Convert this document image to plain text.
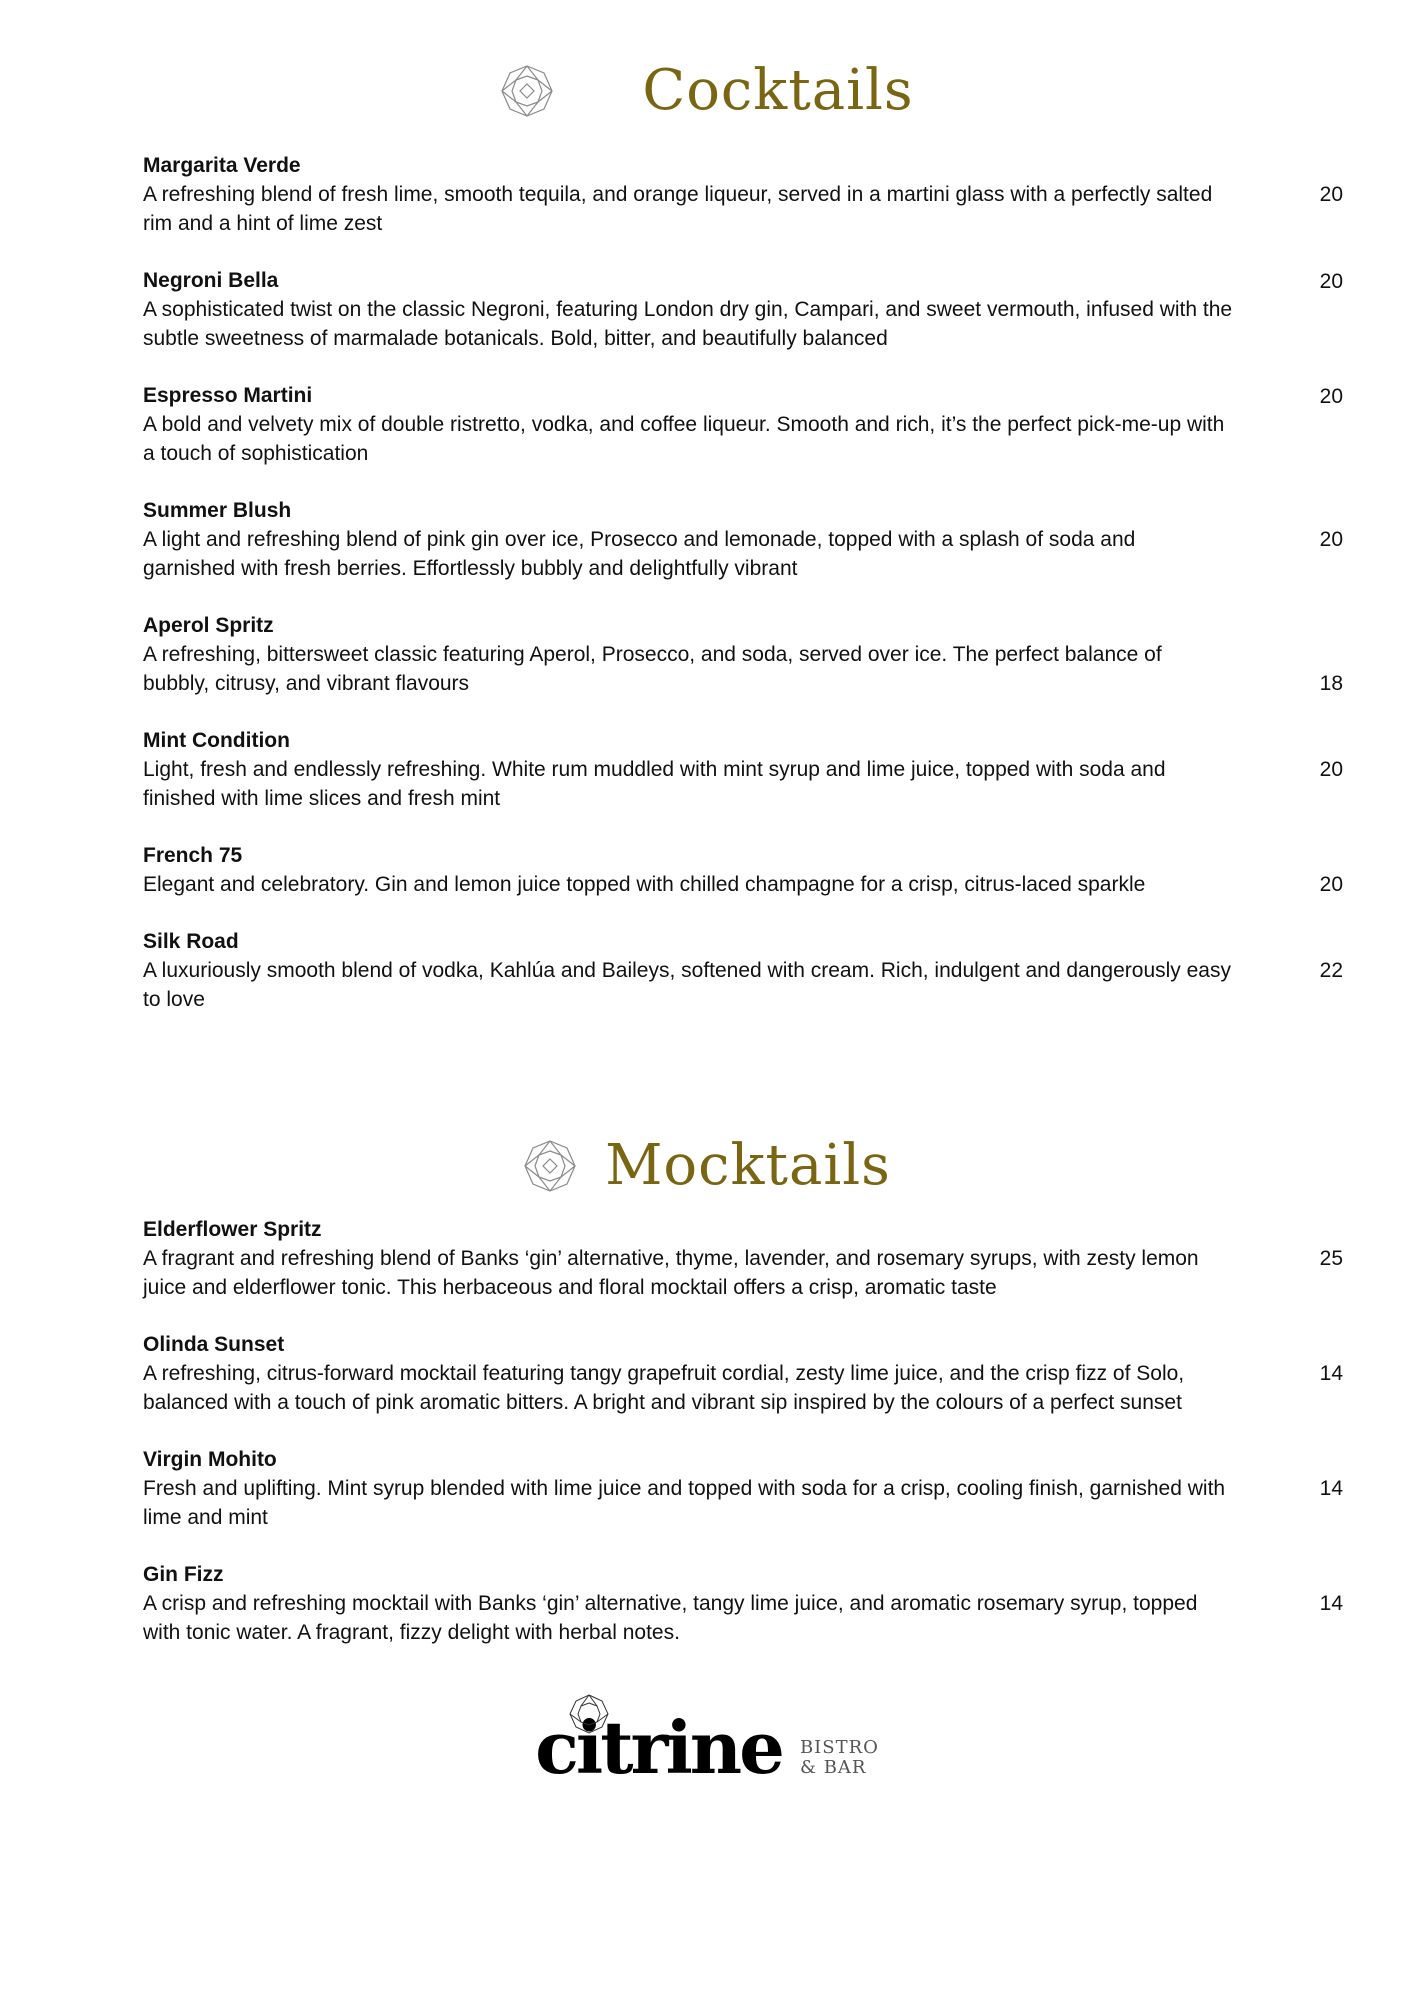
Cocktails
Margarita Verde
A refreshing blend of fresh lime, smooth tequila, and orange liqueur, served in a martini glass with a perfectly salted rim and a hint of lime zest
20
Negroni Bella
A sophisticated twist on the classic Negroni, featuring London dry gin, Campari, and sweet vermouth, infused with the subtle sweetness of marmalade botanicals. Bold, bitter, and beautifully balanced
20
Espresso Martini
A bold and velvety mix of double ristretto, vodka, and coffee liqueur. Smooth and rich, it’s the perfect pick-me-up with a touch of sophistication
20
Summer Blush
A light and refreshing blend of pink gin over ice, Prosecco and lemonade, topped with a splash of soda and garnished with fresh berries. Effortlessly bubbly and delightfully vibrant
20
Aperol Spritz
A refreshing, bittersweet classic featuring Aperol, Prosecco, and soda, served over ice. The perfect balance of bubbly, citrusy, and vibrant flavours	18
Mint Condition
Light, fresh and endlessly refreshing. White rum muddled with mint syrup and lime juice, topped with soda and finished with lime slices and fresh mint
20
French 75
Elegant and celebratory. Gin and lemon juice topped with chilled champagne for a crisp, citrus-laced sparkle	20
Silk Road
A luxuriously smooth blend of vodka, Kahlúa and Baileys, softened with cream. Rich, indulgent and dangerously easy to love
22
Mocktails
Elderflower Spritz
A fragrant and refreshing blend of Banks ‘gin’ alternative, thyme, lavender, and rosemary syrups, with zesty lemon juice and elderflower tonic. This herbaceous and floral mocktail offers a crisp, aromatic taste
25
Olinda Sunset
A refreshing, citrus-forward mocktail featuring tangy grapefruit cordial, zesty lime juice, and the crisp fizz of Solo, balanced with a touch of pink aromatic bitters. A bright and vibrant sip inspired by the colours of a perfect sunset
14
Virgin Mohito
Fresh and uplifting. Mint syrup blended with lime juice and topped with soda for a crisp, cooling finish, garnished with lime and mint
14
Gin Fizz
A crisp and refreshing mocktail with Banks ‘gin’ alternative, tangy lime juice, and aromatic rosemary syrup, topped with tonic water. A fragrant, fizzy delight with herbal notes.
14
citrine BISTRO
& BAR
